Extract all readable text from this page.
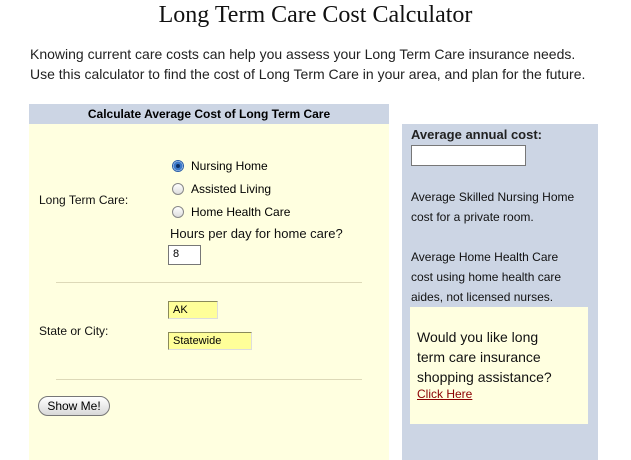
Long Term Care Cost Calculator
Knowing current care costs can help you assess your Long Term Care insurance needs.
Use this calculator to find the cost of Long Term Care in your area, and plan for the future.
Calculate Average Cost of Long Term Care
Long Term Care:
Nursing Home
Assisted Living
Home Health Care
Hours per day for home care?
8
AK
State or City:
Statewide
Show Me!
Average annual cost:
Average Skilled Nursing Home
cost for a private room.
Average Home Health Care
cost using home health care
aides, not licensed nurses.
Would you like long
term care insurance
shopping assistance?
Click Here
